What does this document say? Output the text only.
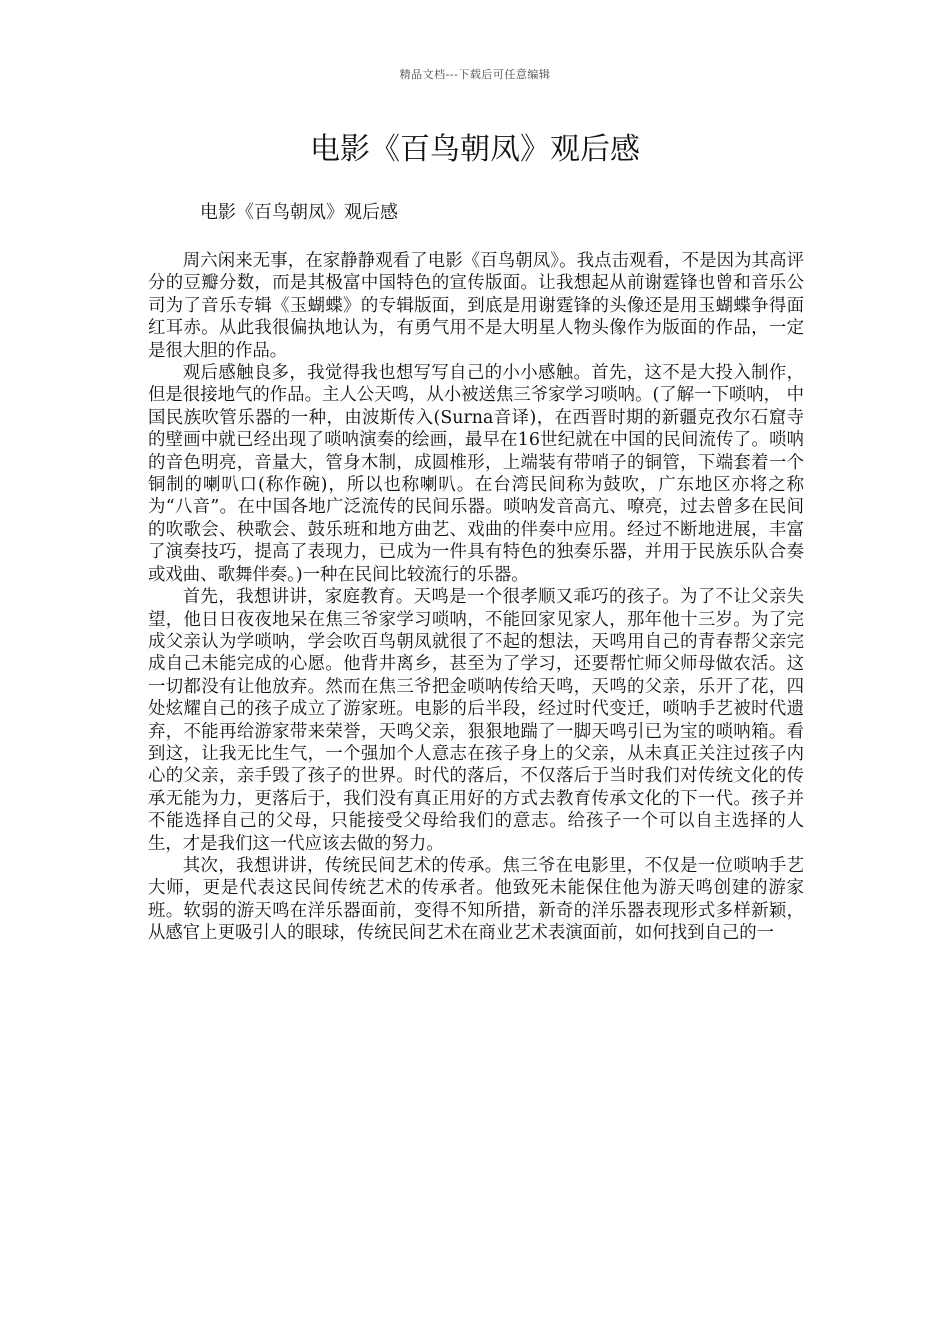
精品文档---下载后可任意编辑
电影《百鸟朝凤》观后感

电影《百鸟朝凤》观后感

周六闲来无事，在家静静观看了电影《百鸟朝凤》。我点击观看，不是因为其高评分的豆瓣分数，而是其极富中国特色的宣传版面。让我想起从前谢霆锋也曾和音乐公司为了音乐专辑《玉蝴蝶》的专辑版面，到底是用谢霆锋的头像还是用玉蝴蝶争得面红耳赤。从此我很偏执地认为，有勇气用不是大明星人物头像作为版面的作品，一定是很大胆的作品。

观后感触良多，我觉得我也想写写自己的小小感触。首先，这不是大投入制作，但是很接地气的作品。主人公天鸣，从小被送焦三爷家学习唢呐。(了解一下唢呐， 中国民族吹管乐器的一种，由波斯传入(Surna音译)，在西晋时期的新疆克孜尔石窟寺的壁画中就已经出现了唢呐演奏的绘画，最早在16世纪就在中国的民间流传了。唢呐的音色明亮，音量大，管身木制，成圆椎形，上端装有带哨子的铜管，下端套着一个铜制的喇叭口(称作碗)，所以也称喇叭。在台湾民间称为鼓吹，广东地区亦将之称为“八音”。在中国各地广泛流传的民间乐器。唢呐发音高亢、嘹亮，过去曾多在民间的吹歌会、秧歌会、鼓乐班和地方曲艺、戏曲的伴奏中应用。经过不断地进展，丰富了演奏技巧，提高了表现力，已成为一件具有特色的独奏乐器，并用于民族乐队合奏或戏曲、歌舞伴奏。)一种在民间比较流行的乐器。

首先，我想讲讲，家庭教育。天鸣是一个很孝顺又乖巧的孩子。为了不让父亲失望，他日日夜夜地呆在焦三爷家学习唢呐，不能回家见家人，那年他十三岁。为了完成父亲认为学唢呐，学会吹百鸟朝凤就很了不起的想法，天鸣用自己的青春帮父亲完成自己未能完成的心愿。他背井离乡，甚至为了学习，还要帮忙师父师母做农活。这一切都没有让他放弃。然而在焦三爷把金唢呐传给天鸣，天鸣的父亲，乐开了花，四处炫耀自己的孩子成立了游家班。电影的后半段，经过时代变迁，唢呐手艺被时代遗弃，不能再给游家带来荣誉，天鸣父亲，狠狠地踹了一脚天鸣引已为宝的唢呐箱。看到这，让我无比生气，一个强加个人意志在孩子身上的父亲，从未真正关注过孩子内心的父亲，亲手毁了孩子的世界。时代的落后，不仅落后于当时我们对传统文化的传承无能为力，更落后于，我们没有真正用好的方式去教育传承文化的下一代。孩子并不能选择自己的父母，只能接受父母给我们的意志。给孩子一个可以自主选择的人生，才是我们这一代应该去做的努力。

其次，我想讲讲，传统民间艺术的传承。焦三爷在电影里，不仅是一位唢呐手艺大师，更是代表这民间传统艺术的传承者。他致死未能保住他为游天鸣创建的游家班。软弱的游天鸣在洋乐器面前，变得不知所措，新奇的洋乐器表现形式多样新颖，从感官上更吸引人的眼球，传统民间艺术在商业艺术表演面前，如何找到自己的一
